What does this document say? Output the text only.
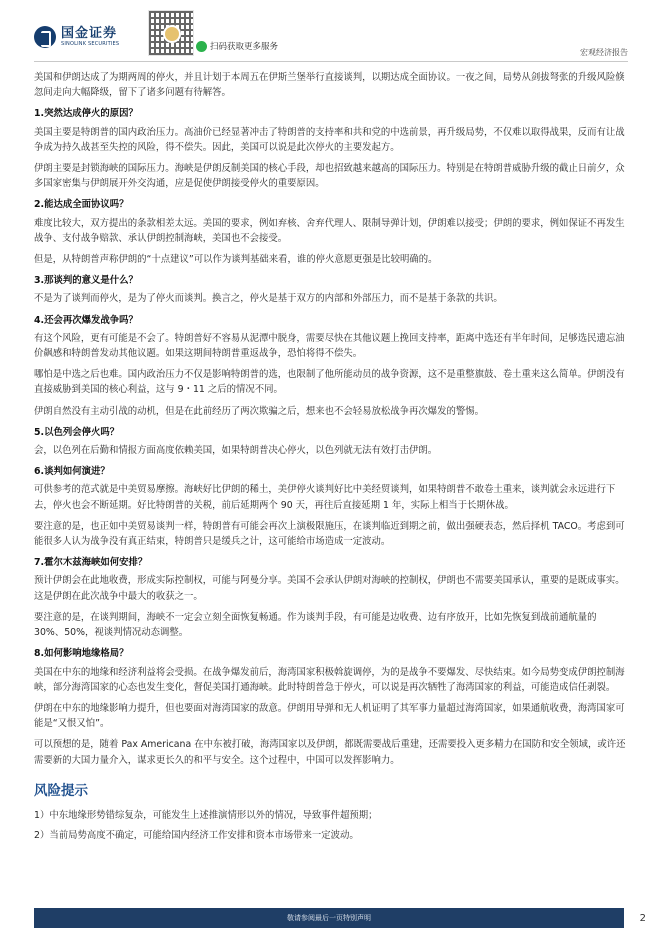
国金证券
SINOLINK SECURITIES	扫码获取更多服务
宏观经济报告

美国和伊朗达成了为期两周的停火，并且计划于本周五在伊斯兰堡举行直接谈判，以期达成全面协议。一夜之间，局势从剑拔弩张的升级风险倏忽间走向大幅降级，留下了诸多问题有待解答。

1.突然达成停火的原因？

美国主要是特朗普的国内政治压力。高油价已经显著冲击了特朗普的支持率和共和党的中选前景，再升级局势，不仅难以取得战果，反而有让战争成为持久战甚至失控的风险，得不偿失。因此，美国可以说是此次停火的主要发起方。

伊朗主要是封锁海峡的国际压力。海峡是伊朗反制美国的核心手段，却也招致越来越高的国际压力。特别是在特朗普威胁升级的截止日前夕，众多国家密集与伊朗展开外交沟通，应是促使伊朗接受停火的重要原因。

2.能达成全面协议吗？

难度比较大，双方提出的条款相差太远。美国的要求，例如弃核、舍弃代理人、限制导弹计划，伊朗难以接受；伊朗的要求，例如保证不再发生战争、支付战争赔款、承认伊朗控制海峡，美国也不会接受。

但是，从特朗普声称伊朗的“十点建议”可以作为谈判基础来看，谁的停火意愿更强是比较明确的。

3.那谈判的意义是什么？

不是为了谈判而停火，是为了停火而谈判。换言之，停火是基于双方的内部和外部压力，而不是基于条款的共识。

4.还会再次爆发战争吗？

有这个风险，更有可能是不会了。特朗普好不容易从泥潭中脱身，需要尽快在其他议题上挽回支持率，距离中选还有半年时间，足够选民遗忘油价飙感和特朗普发动其他议题。如果这期间特朗普重返战争，恐怕将得不偿失。

哪怕是中选之后也难。国内政治压力不仅是影响特朗普的选，也限制了他所能动员的战争资源，这不是重整旗鼓、卷土重来这么简单。伊朗没有直接威胁到美国的核心利益，这与 9・11 之后的情况不同。

伊朗自然没有主动引战的动机，但是在此前经历了两次欺骗之后，想来也不会轻易放松战争再次爆发的警惕。

5.以色列会停火吗？

会，以色列在后勤和情报方面高度依赖美国，如果特朗普决心停火，以色列就无法有效打击伊朗。

6.谈判如何演进？

可供参考的范式就是中美贸易摩擦。海峡好比伊朗的稀土，美伊停火谈判好比中美经贸谈判，如果特朗普不敢卷土重来，谈判就会永远进行下去，停火也会不断延期。好比特朗普的关税，前后延期两个 90 天，再往后直接延期 1 年，实际上相当于长期休战。

要注意的是，也正如中美贸易谈判一样，特朗普有可能会再次上演极限施压，在谈判临近到期之前，做出强硬表态，然后择机 TACO。考虑到可能很多人认为战争没有真正结束，特朗普只是缓兵之计，这可能给市场造成一定波动。

7.霍尔木兹海峡如何安排？

预计伊朗会在此地收费，形成实际控制权，可能与阿曼分享。美国不会承认伊朗对海峡的控制权，伊朗也不需要美国承认，重要的是既成事实。这是伊朗在此次战争中最大的收获之一。

要注意的是，在谈判期间，海峡不一定会立刻全面恢复畅通。作为谈判手段，有可能是边收费、边有序放开，比如先恢复到战前通航量的 30%、50%，视谈判情况动态调整。

8.如何影响地缘格局？

美国在中东的地缘和经济利益将会受损。在战争爆发前后，海湾国家积极斡旋调停，为的是战争不要爆发、尽快结束。如今局势变成伊朗控制海峡，部分海湾国家的心态也发生变化，督促美国打通海峡。此时特朗普急于停火，可以说是再次牺牲了海湾国家的利益，可能造成信任剥裂。

伊朗在中东的地缘影响力提升，但也要面对海湾国家的敌意。伊朗用导弹和无人机证明了其军事力量超过海湾国家，如果通航收费，海湾国家可能是“又恨又怕”。

可以预想的是，随着 Pax Americana 在中东被打破，海湾国家以及伊朗，都既需要战后重建，还需要投入更多精力在国防和安全领域，或许还需要新的大国力量介入，谋求更长久的和平与安全。这个过程中，中国可以发挥影响力。

风险提示

1）中东地缘形势错综复杂，可能发生上述推演情形以外的情况，导致事件超预期；

2）当前局势高度不确定，可能给国内经济工作安排和资本市场带来一定波动。

敬请参阅最后一页特别声明	2
